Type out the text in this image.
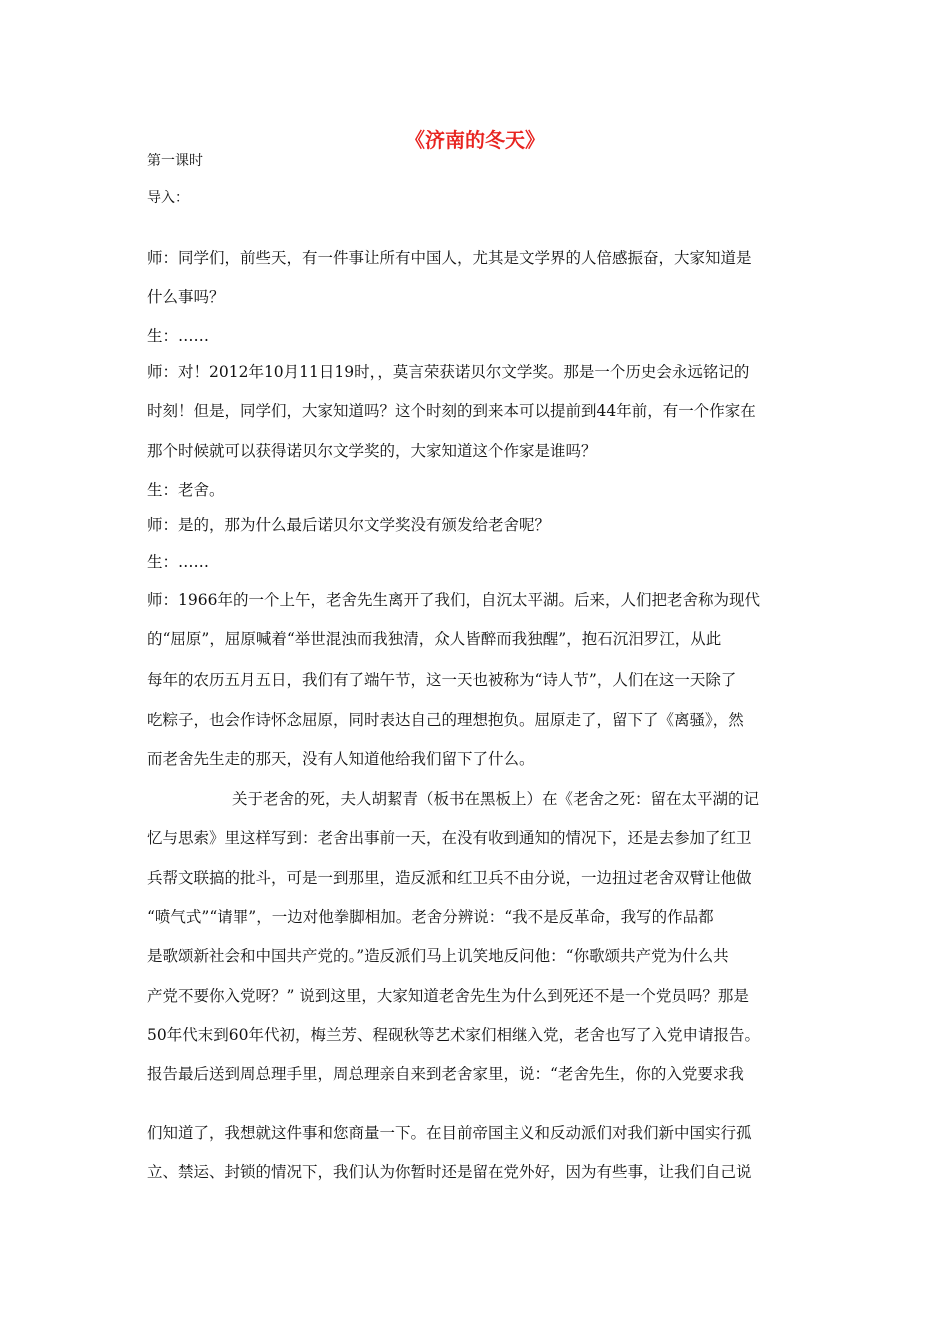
《济南的冬天》
第一课时
导入：
师：同学们，前些天，有一件事让所有中国人，尤其是文学界的人倍感振奋，大家知道是
什么事吗？
生：……
师：对！2012年10月11日19时，，莫言荣获诺贝尔文学奖。那是一个历史会永远铭记的
时刻！但是，同学们，大家知道吗？这个时刻的到来本可以提前到44年前，有一个作家在
那个时候就可以获得诺贝尔文学奖的，大家知道这个作家是谁吗？
生：老舍。
师：是的，那为什么最后诺贝尔文学奖没有颁发给老舍呢？
生：……
师：1966年的一个上午，老舍先生离开了我们，自沉太平湖。后来，人们把老舍称为现代
的“屈原”，屈原喊着“举世混浊而我独清，众人皆醉而我独醒”，抱石沉汨罗江，从此
每年的农历五月五日，我们有了端午节，这一天也被称为“诗人节”，人们在这一天除了
吃粽子，也会作诗怀念屈原，同时表达自己的理想抱负。屈原走了，留下了《离骚》，然
而老舍先生走的那天，没有人知道他给我们留下了什么。
关于老舍的死，夫人胡絜青（板书在黑板上）在《老舍之死：留在太平湖的记
忆与思索》里这样写到：老舍出事前一天，在没有收到通知的情况下，还是去参加了红卫
兵帮文联搞的批斗，可是一到那里，造反派和红卫兵不由分说，一边扭过老舍双臂让他做
“喷气式”“请罪”，一边对他拳脚相加。老舍分辨说：“我不是反革命，我写的作品都
是歌颂新社会和中国共产党的。”造反派们马上讥笑地反问他：“你歌颂共产党为什么共
产党不要你入党呀？” 说到这里，大家知道老舍先生为什么到死还不是一个党员吗？那是
50年代末到60年代初，梅兰芳、程砚秋等艺术家们相继入党，老舍也写了入党申请报告。
报告最后送到周总理手里，周总理亲自来到老舍家里，说：“老舍先生，你的入党要求我
们知道了，我想就这件事和您商量一下。在目前帝国主义和反动派们对我们新中国实行孤
立、禁运、封锁的情况下，我们认为你暂时还是留在党外好，因为有些事，让我们自己说
